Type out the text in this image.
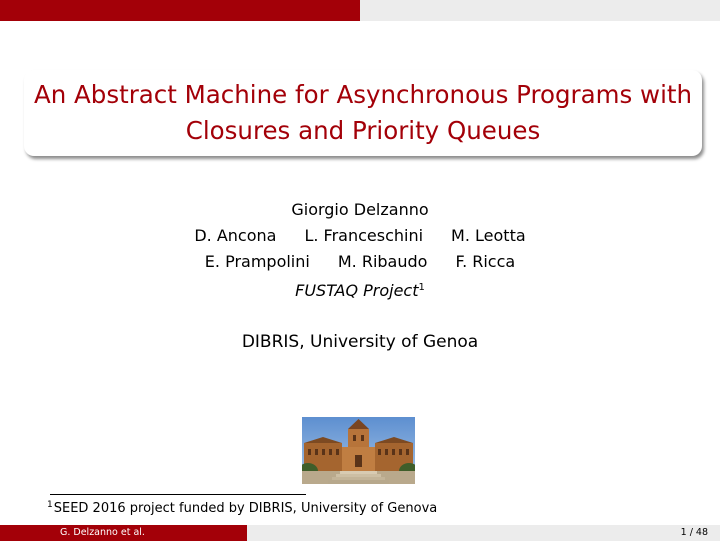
An Abstract Machine for Asynchronous Programs with
Closures and Priority Queues
Giorgio Delzanno
D. Ancona L. Franceschini M. Leotta
E. Prampolini M. Ribaudo F. Ricca
FUSTAQ Project$^1$
DIBRIS, University of Genoa
$^1$SEED 2016 project funded by DIBRIS, University of Genova
G. Delzanno et al.	1 / 48
